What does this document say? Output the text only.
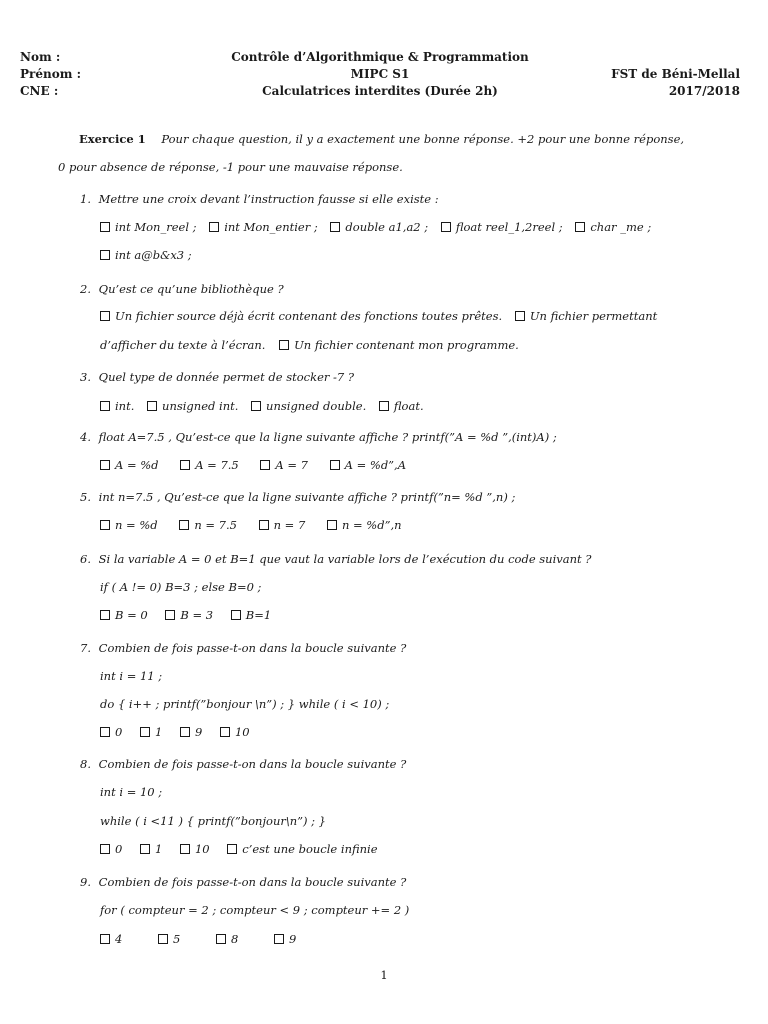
Nom :	Contrôle d’Algorithmique & Programmation
Prénom :	MIPC S1	FST de Béni-Mellal
CNE :	Calculatrices interdites (Durée 2h)	2017/2018
Exercice 1 Pour chaque question, il y a exactement une bonne réponse. +2 pour une bonne réponse,
0 pour absence de réponse, -1 pour une mauvaise réponse.
1. Mettre une croix devant l’instruction fausse si elle existe :
int Mon_reel ; int Mon_entier ; double a1,a2 ; float reel_1,2reel ; char _me ;
int a@b&x3 ;
2. Qu’est ce qu’une bibliothèque ?
Un fichier source déjà écrit contenant des fonctions toutes prêtes. Un fichier permettant
d’afficher du texte à l’écran. Un fichier contenant mon programme.
3. Quel type de donnée permet de stocker -7 ?
int. unsigned int. unsigned double. float.
4. float A=7.5 , Qu’est-ce que la ligne suivante affiche ? printf(”A = %d ”,(int)A) ;
A = %d	A = 7.5	A = 7	A = %d”,A
5. int n=7.5 , Qu’est-ce que la ligne suivante affiche ? printf(”n= %d ”,n) ;
n = %d	n = 7.5	n = 7	n = %d”,n
6. Si la variable A = 0 et B=1 que vaut la variable lors de l’exécution du code suivant ?
if ( A != 0) B=3 ; else B=0 ;
B = 0	B = 3	B=1
7. Combien de fois passe-t-on dans la boucle suivante ?
int i = 11 ;
do { i++ ; printf(”bonjour \n”) ; } while ( i < 10) ;
0	1	9	10
8. Combien de fois passe-t-on dans la boucle suivante ?
int i = 10 ;
while ( i <11 ) { printf(”bonjour\n”) ; }
0	1	10	c’est une boucle infinie
9. Combien de fois passe-t-on dans la boucle suivante ?
for ( compteur = 2 ; compteur < 9 ; compteur += 2 )
4	5	8	9
1
